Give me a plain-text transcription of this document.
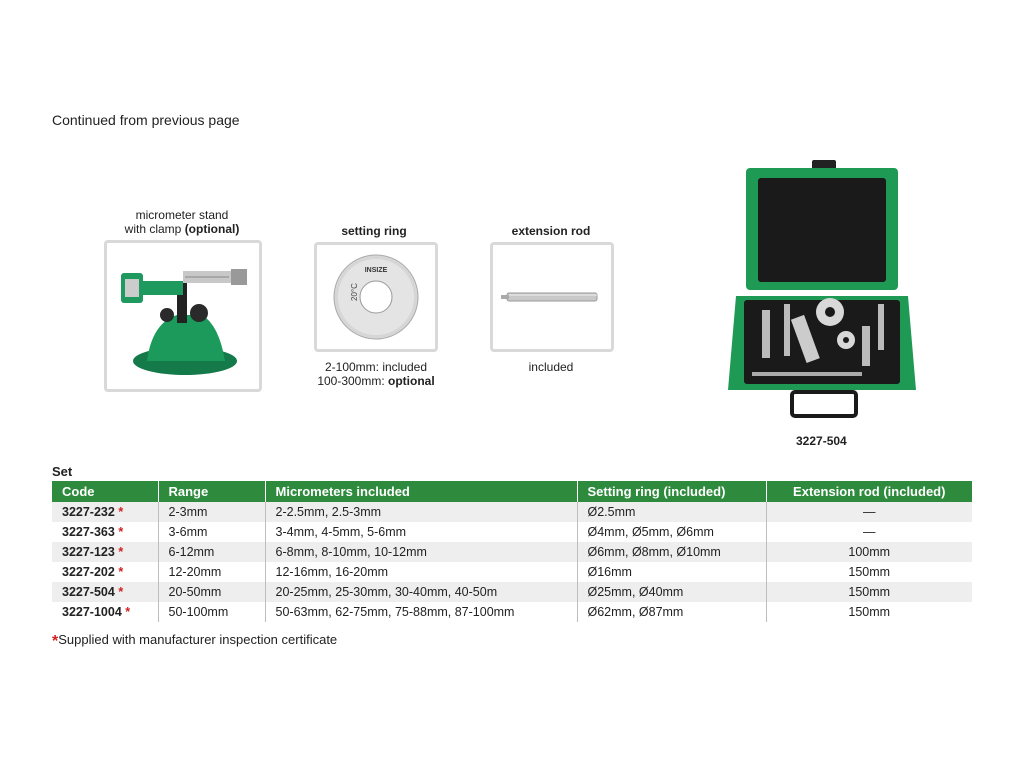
Continued from previous page
micrometer stand
with clamp (optional)	setting ring
INSIZE
20°C
2-100mm: included
100-300mm: optional
extension rod
included
3227-504
Set
Code	Range	Micrometers included	Setting ring (included)	Extension rod (included)
3227-232 *	2-3mm	2-2.5mm, 2.5-3mm	Ø2.5mm	—
3227-363 *	3-6mm	3-4mm, 4-5mm, 5-6mm	Ø4mm, Ø5mm, Ø6mm	—
3227-123 *	6-12mm	6-8mm, 8-10mm, 10-12mm	Ø6mm, Ø8mm, Ø10mm	100mm
3227-202 *	12-20mm	12-16mm, 16-20mm	Ø16mm	150mm
3227-504 *	20-50mm	20-25mm, 25-30mm, 30-40mm, 40-50m	Ø25mm, Ø40mm	150mm
3227-1004 *	50-100mm	50-63mm, 62-75mm, 75-88mm, 87-100mm	Ø62mm, Ø87mm	150mm
*Supplied with manufacturer inspection certificate
